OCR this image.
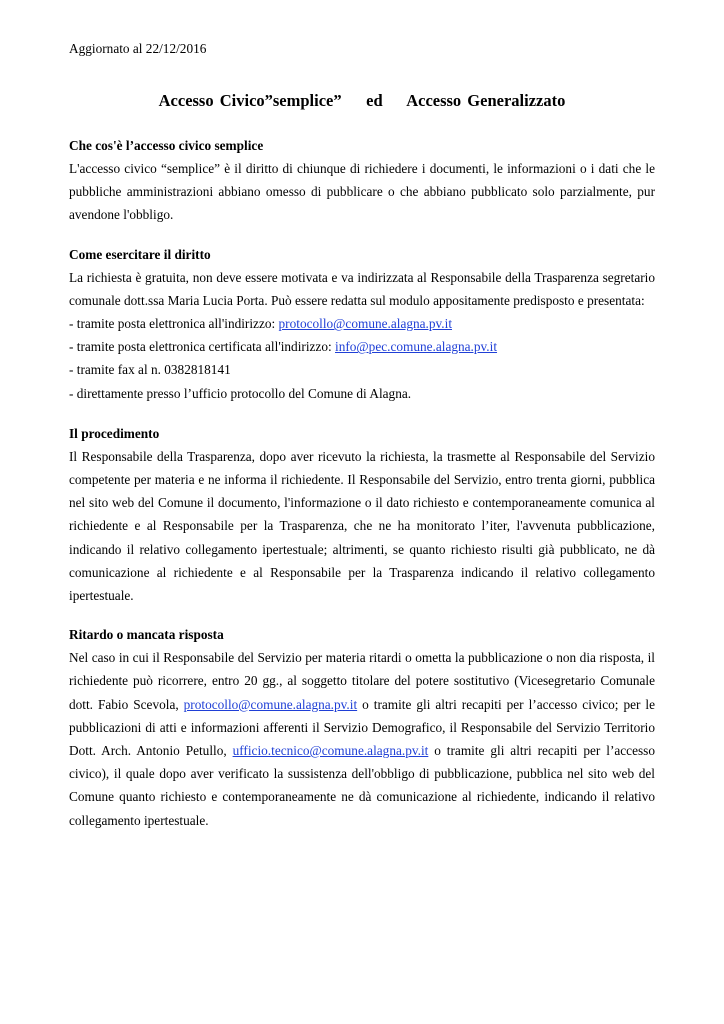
Aggiornato al 22/12/2016

Accesso Civico”semplice”    ed    Accesso Generalizzato

Che cos'è l’accesso civico semplice

L'accesso civico “semplice” è il diritto di chiunque di richiedere i documenti, le informazioni o i dati che le pubbliche amministrazioni abbiano omesso di pubblicare o che abbiano pubblicato solo parzialmente, pur avendone l'obbligo.

Come esercitare il diritto

La richiesta è gratuita, non deve essere motivata e va indirizzata al Responsabile della Trasparenza segretario comunale dott.ssa Maria Lucia Porta. Può essere redatta sul modulo appositamente predisposto e presentata:

- tramite posta elettronica all'indirizzo: protocollo@comune.alagna.pv.it

- tramite posta elettronica certificata all'indirizzo: info@pec.comune.alagna.pv.it

- tramite fax al n. 0382818141

- direttamente presso l’ufficio protocollo del Comune di Alagna.

Il procedimento

Il Responsabile della Trasparenza, dopo aver ricevuto la richiesta, la trasmette al Responsabile del Servizio competente per materia e ne informa il richiedente. Il Responsabile del Servizio, entro trenta giorni, pubblica nel sito web del Comune il documento, l'informazione o il dato richiesto e contemporaneamente comunica al richiedente e al Responsabile per la Trasparenza, che ne ha monitorato l’iter, l'avvenuta pubblicazione, indicando il relativo collegamento ipertestuale; altrimenti, se quanto richiesto risulti già pubblicato, ne dà comunicazione al richiedente e al Responsabile per la Trasparenza indicando il relativo collegamento ipertestuale.

Ritardo o mancata risposta

Nel caso in cui il Responsabile del Servizio per materia ritardi o ometta la pubblicazione o non dia risposta, il richiedente può ricorrere, entro 20 gg., al soggetto titolare del potere sostitutivo (Vicesegretario Comunale dott. Fabio Scevola, protocollo@comune.alagna.pv.it o tramite gli altri recapiti per l’accesso civico; per le pubblicazioni di atti e informazioni afferenti il Servizio Demografico, il Responsabile del Servizio Territorio Dott. Arch. Antonio Petullo, ufficio.tecnico@comune.alagna.pv.it o tramite gli altri recapiti per l’accesso civico), il quale dopo aver verificato la sussistenza dell'obbligo di pubblicazione, pubblica nel sito web del Comune quanto richiesto e contemporaneamente ne dà comunicazione al richiedente, indicando il relativo collegamento ipertestuale.
